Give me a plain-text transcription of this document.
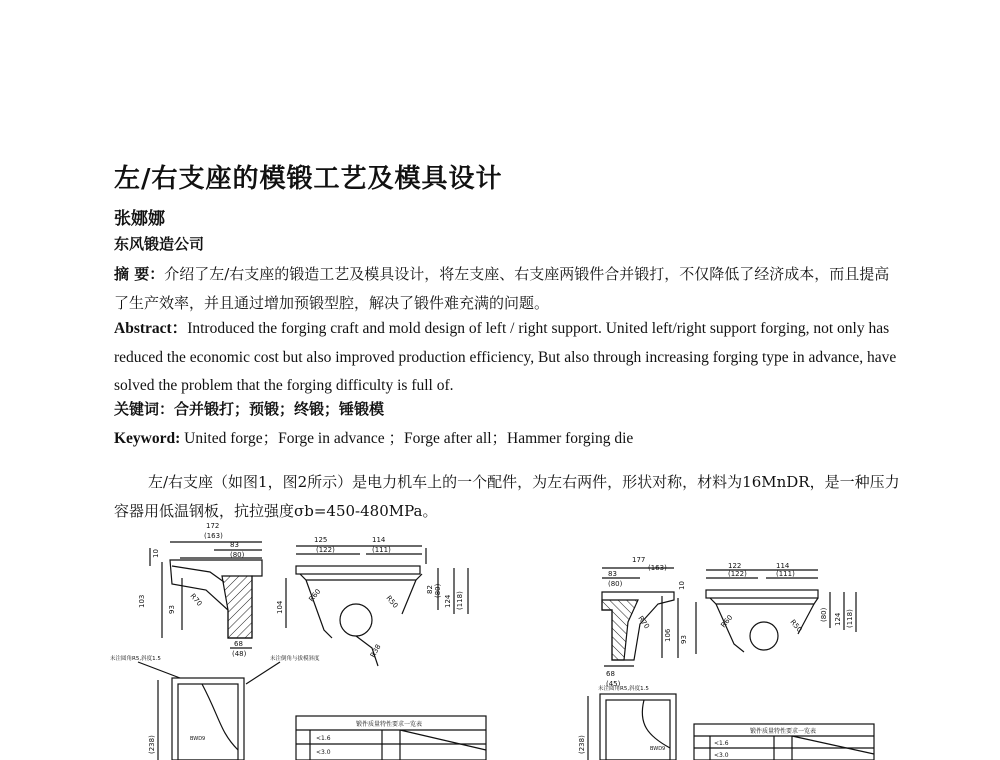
左/右支座的模锻工艺及模具设计
张娜娜
东风锻造公司
摘 要：介绍了左/右支座的锻造工艺及模具设计，将左支座、右支座两锻件合并锻打，不仅降低了经济成本，而且提高了生产效率，并且通过增加预锻型腔，解决了锻件难充满的问题。
Abstract：Introduced the forging craft and mold design of left / right support. United left/right support forging, not only has reduced the economic cost but also improved production efficiency, But also through increasing forging type in advance, have solved the problem that the forging difficulty is full of.
关键词：合并锻打；预锻；终锻；锤锻模
Keyword: United forge；Forge in advance ；Forge after all；Hammer forging die
左/右支座（如图1，图2所示）是电力机车上的一个配件，为左右两件，形状对称，材料为16MnDR，是一种压力容器用低温钢板，抗拉强度σb=450-480MPa。
172
(163)
83
(80)
103
93
R70
68
(48)
125
(122)
114
(111)
R60	R50
R38
104	124 (118)
82 (80)
10
(238)	BWD9
未注圆角R5,斜度1.5	未注倒角与拔模斜度
锻件质量特性要求一览表
<1.6
<3.0
177
(163)
83
(80)
R70
106 93
68
(45)
122
(122)
114
(111)
R60	R50	124 (118)
(80)
10
(238)	BWD9
未注圆角R5,斜度1.5
锻件质量特性要求一览表
<1.6
<3.0
